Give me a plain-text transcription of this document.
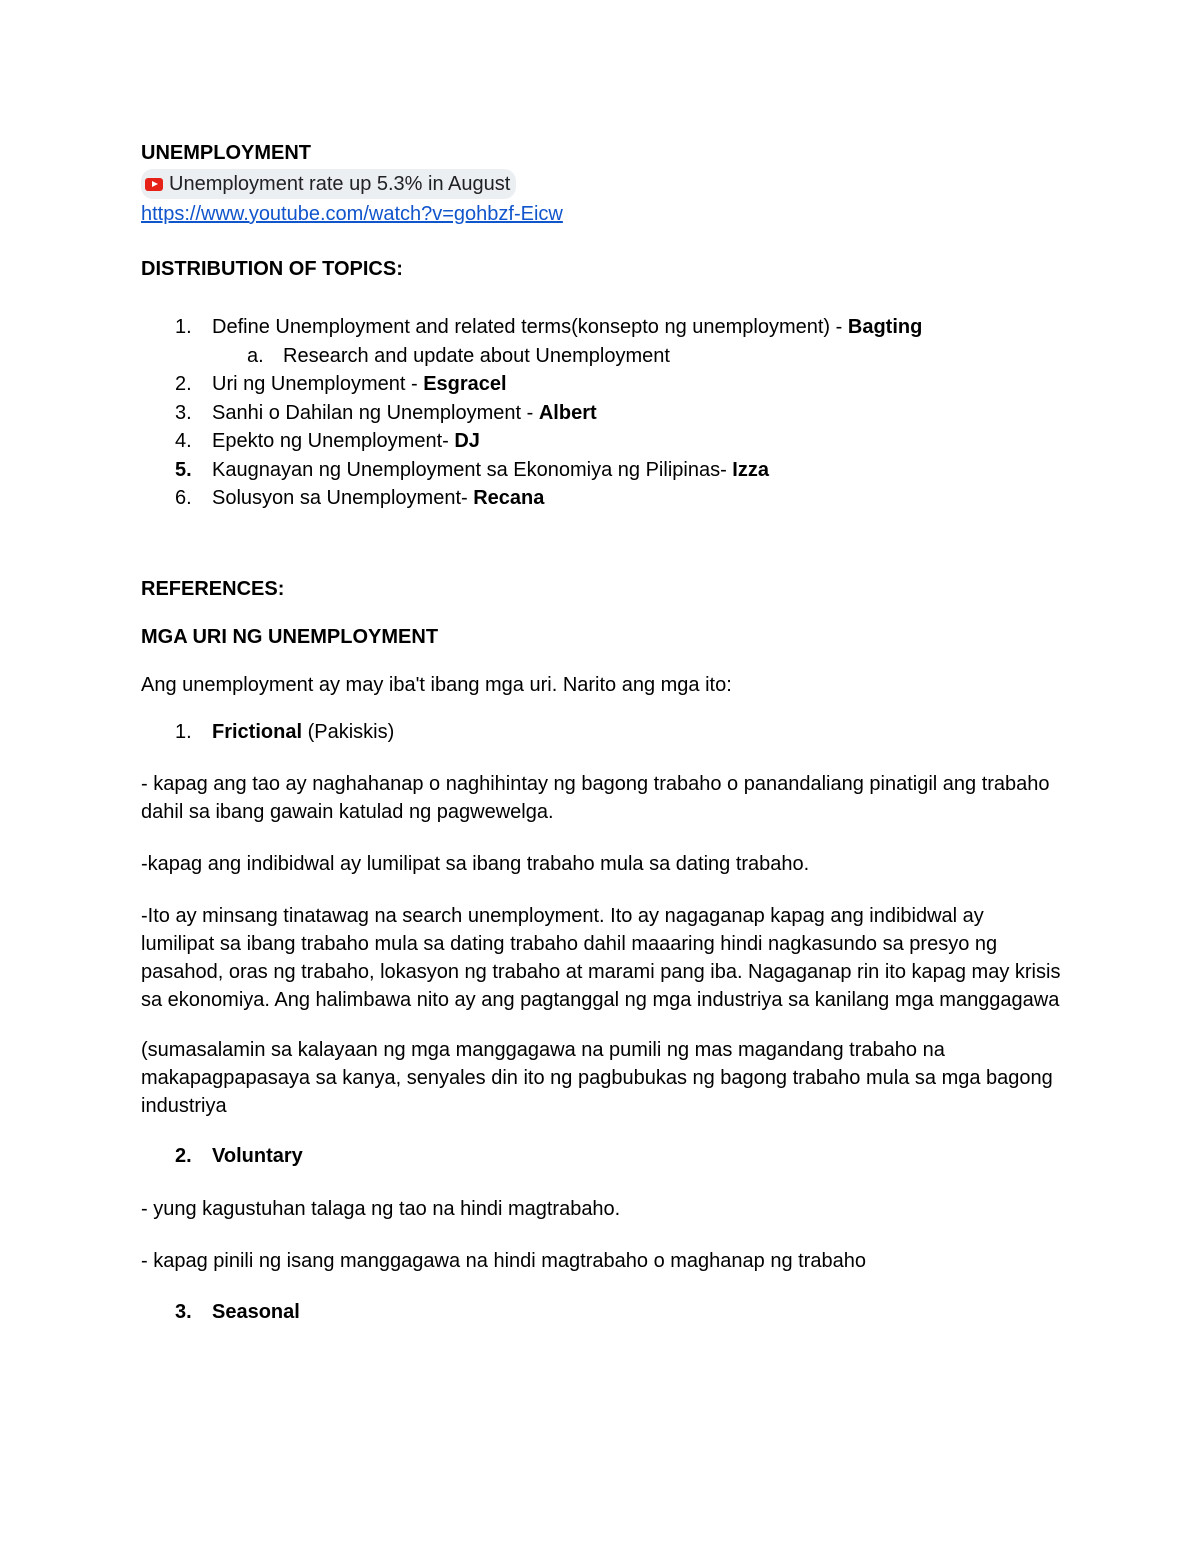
UNEMPLOYMENT

Unemployment rate up 5.3% in August
https://www.youtube.com/watch?v=gohbzf-Eicw

DISTRIBUTION OF TOPICS:

1.	Define Unemployment and related terms(konsepto ng unemployment) - Bagting
a. Research and update about Unemployment
2.	Uri ng Unemployment - Esgracel
3.	Sanhi o Dahilan ng Unemployment - Albert
4.	Epekto ng Unemployment- DJ
5.	Kaugnayan ng Unemployment sa Ekonomiya ng Pilipinas- Izza
6.	Solusyon sa Unemployment- Recana

REFERENCES:

MGA URI NG UNEMPLOYMENT

Ang unemployment ay may iba't ibang mga uri. Narito ang mga ito:

1.	Frictional (Pakiskis)

- kapag ang tao ay naghahanap o naghihintay ng bagong trabaho o panandaliang pinatigil ang trabaho dahil sa ibang gawain katulad ng pagwewelga.

-kapag ang indibidwal ay lumilipat sa ibang trabaho mula sa dating trabaho.

-Ito ay minsang tinatawag na search unemployment. Ito ay nagaganap kapag ang indibidwal ay lumilipat sa ibang trabaho mula sa dating trabaho dahil maaaring hindi nagkasundo sa presyo ng pasahod, oras ng trabaho, lokasyon ng trabaho at marami pang iba. Nagaganap rin ito kapag may krisis sa ekonomiya. Ang halimbawa nito ay ang pagtanggal ng mga industriya sa kanilang mga manggagawa

(sumasalamin sa kalayaan ng mga manggagawa na pumili ng mas magandang trabaho na makapagpapasaya sa kanya, senyales din ito ng pagbubukas ng bagong trabaho mula sa mga bagong industriya

2.	Voluntary

- yung kagustuhan talaga ng tao na hindi magtrabaho.

- kapag pinili ng isang manggagawa na hindi magtrabaho o maghanap ng trabaho

3.	Seasonal
